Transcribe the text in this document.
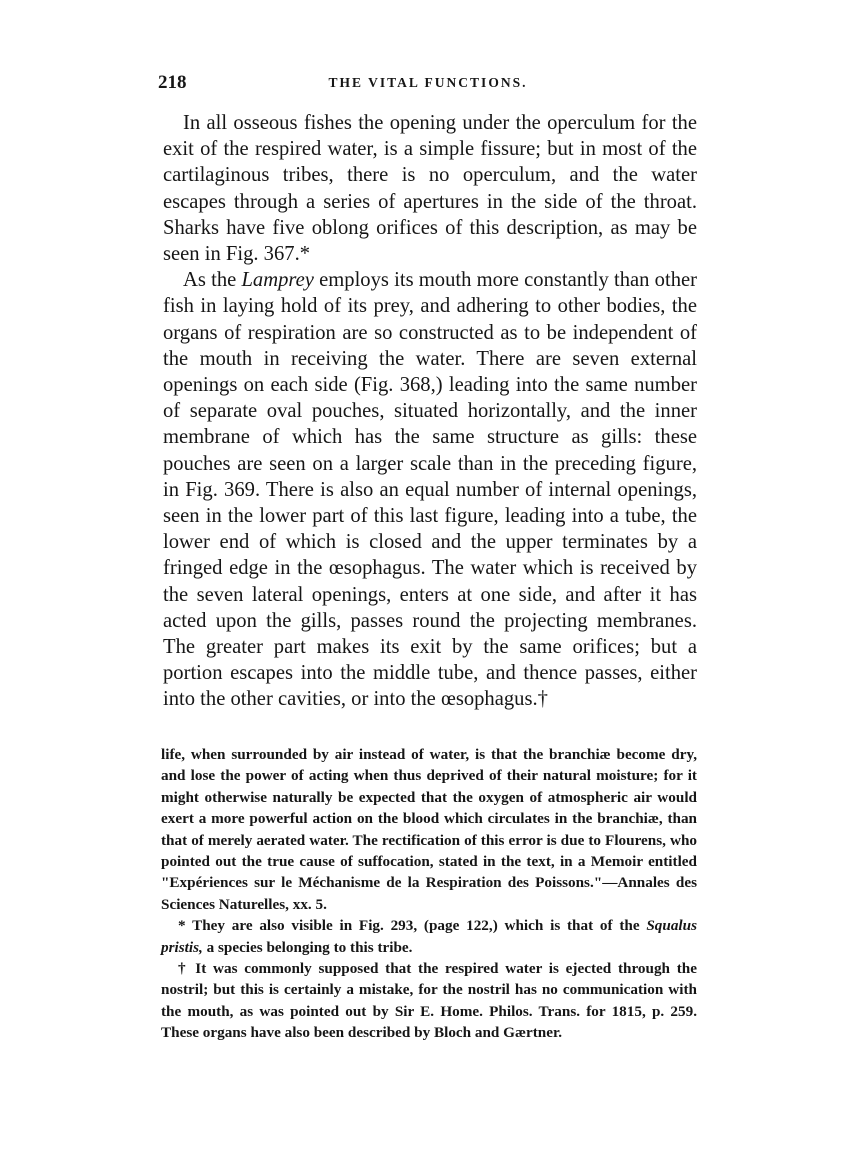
218	THE VITAL FUNCTIONS.

In all osseous fishes the opening under the operculum for the exit of the respired water, is a simple fissure; but in most of the cartilaginous tribes, there is no operculum, and the water escapes through a series of apertures in the side of the throat. Sharks have five oblong orifices of this description, as may be seen in Fig. 367.*

As the Lamprey employs its mouth more constantly than other fish in laying hold of its prey, and adhering to other bodies, the organs of respiration are so constructed as to be independent of the mouth in receiving the water. There are seven external openings on each side (Fig. 368,) leading into the same number of separate oval pouches, situated horizontally, and the inner membrane of which has the same structure as gills: these pouches are seen on a larger scale than in the preceding figure, in Fig. 369. There is also an equal number of internal openings, seen in the lower part of this last figure, leading into a tube, the lower end of which is closed and the upper terminates by a fringed edge in the œsophagus. The water which is received by the seven lateral openings, enters at one side, and after it has acted upon the gills, passes round the projecting membranes. The greater part makes its exit by the same orifices; but a portion escapes into the middle tube, and thence passes, either into the other cavities, or into the œsophagus.†

life, when surrounded by air instead of water, is that the branchiæ become dry, and lose the power of acting when thus deprived of their natural moisture; for it might otherwise naturally be expected that the oxygen of atmospheric air would exert a more powerful action on the blood which circulates in the branchiæ, than that of merely aerated water. The rectification of this error is due to Flourens, who pointed out the true cause of suffocation, stated in the text, in a Memoir entitled "Expériences sur le Méchanisme de la Respiration des Poissons."—Annales des Sciences Naturelles, xx. 5.

* They are also visible in Fig. 293, (page 122,) which is that of the Squalus pristis, a species belonging to this tribe.

† It was commonly supposed that the respired water is ejected through the nostril; but this is certainly a mistake, for the nostril has no communication with the mouth, as was pointed out by Sir E. Home. Philos. Trans. for 1815, p. 259. These organs have also been described by Bloch and Gærtner.
